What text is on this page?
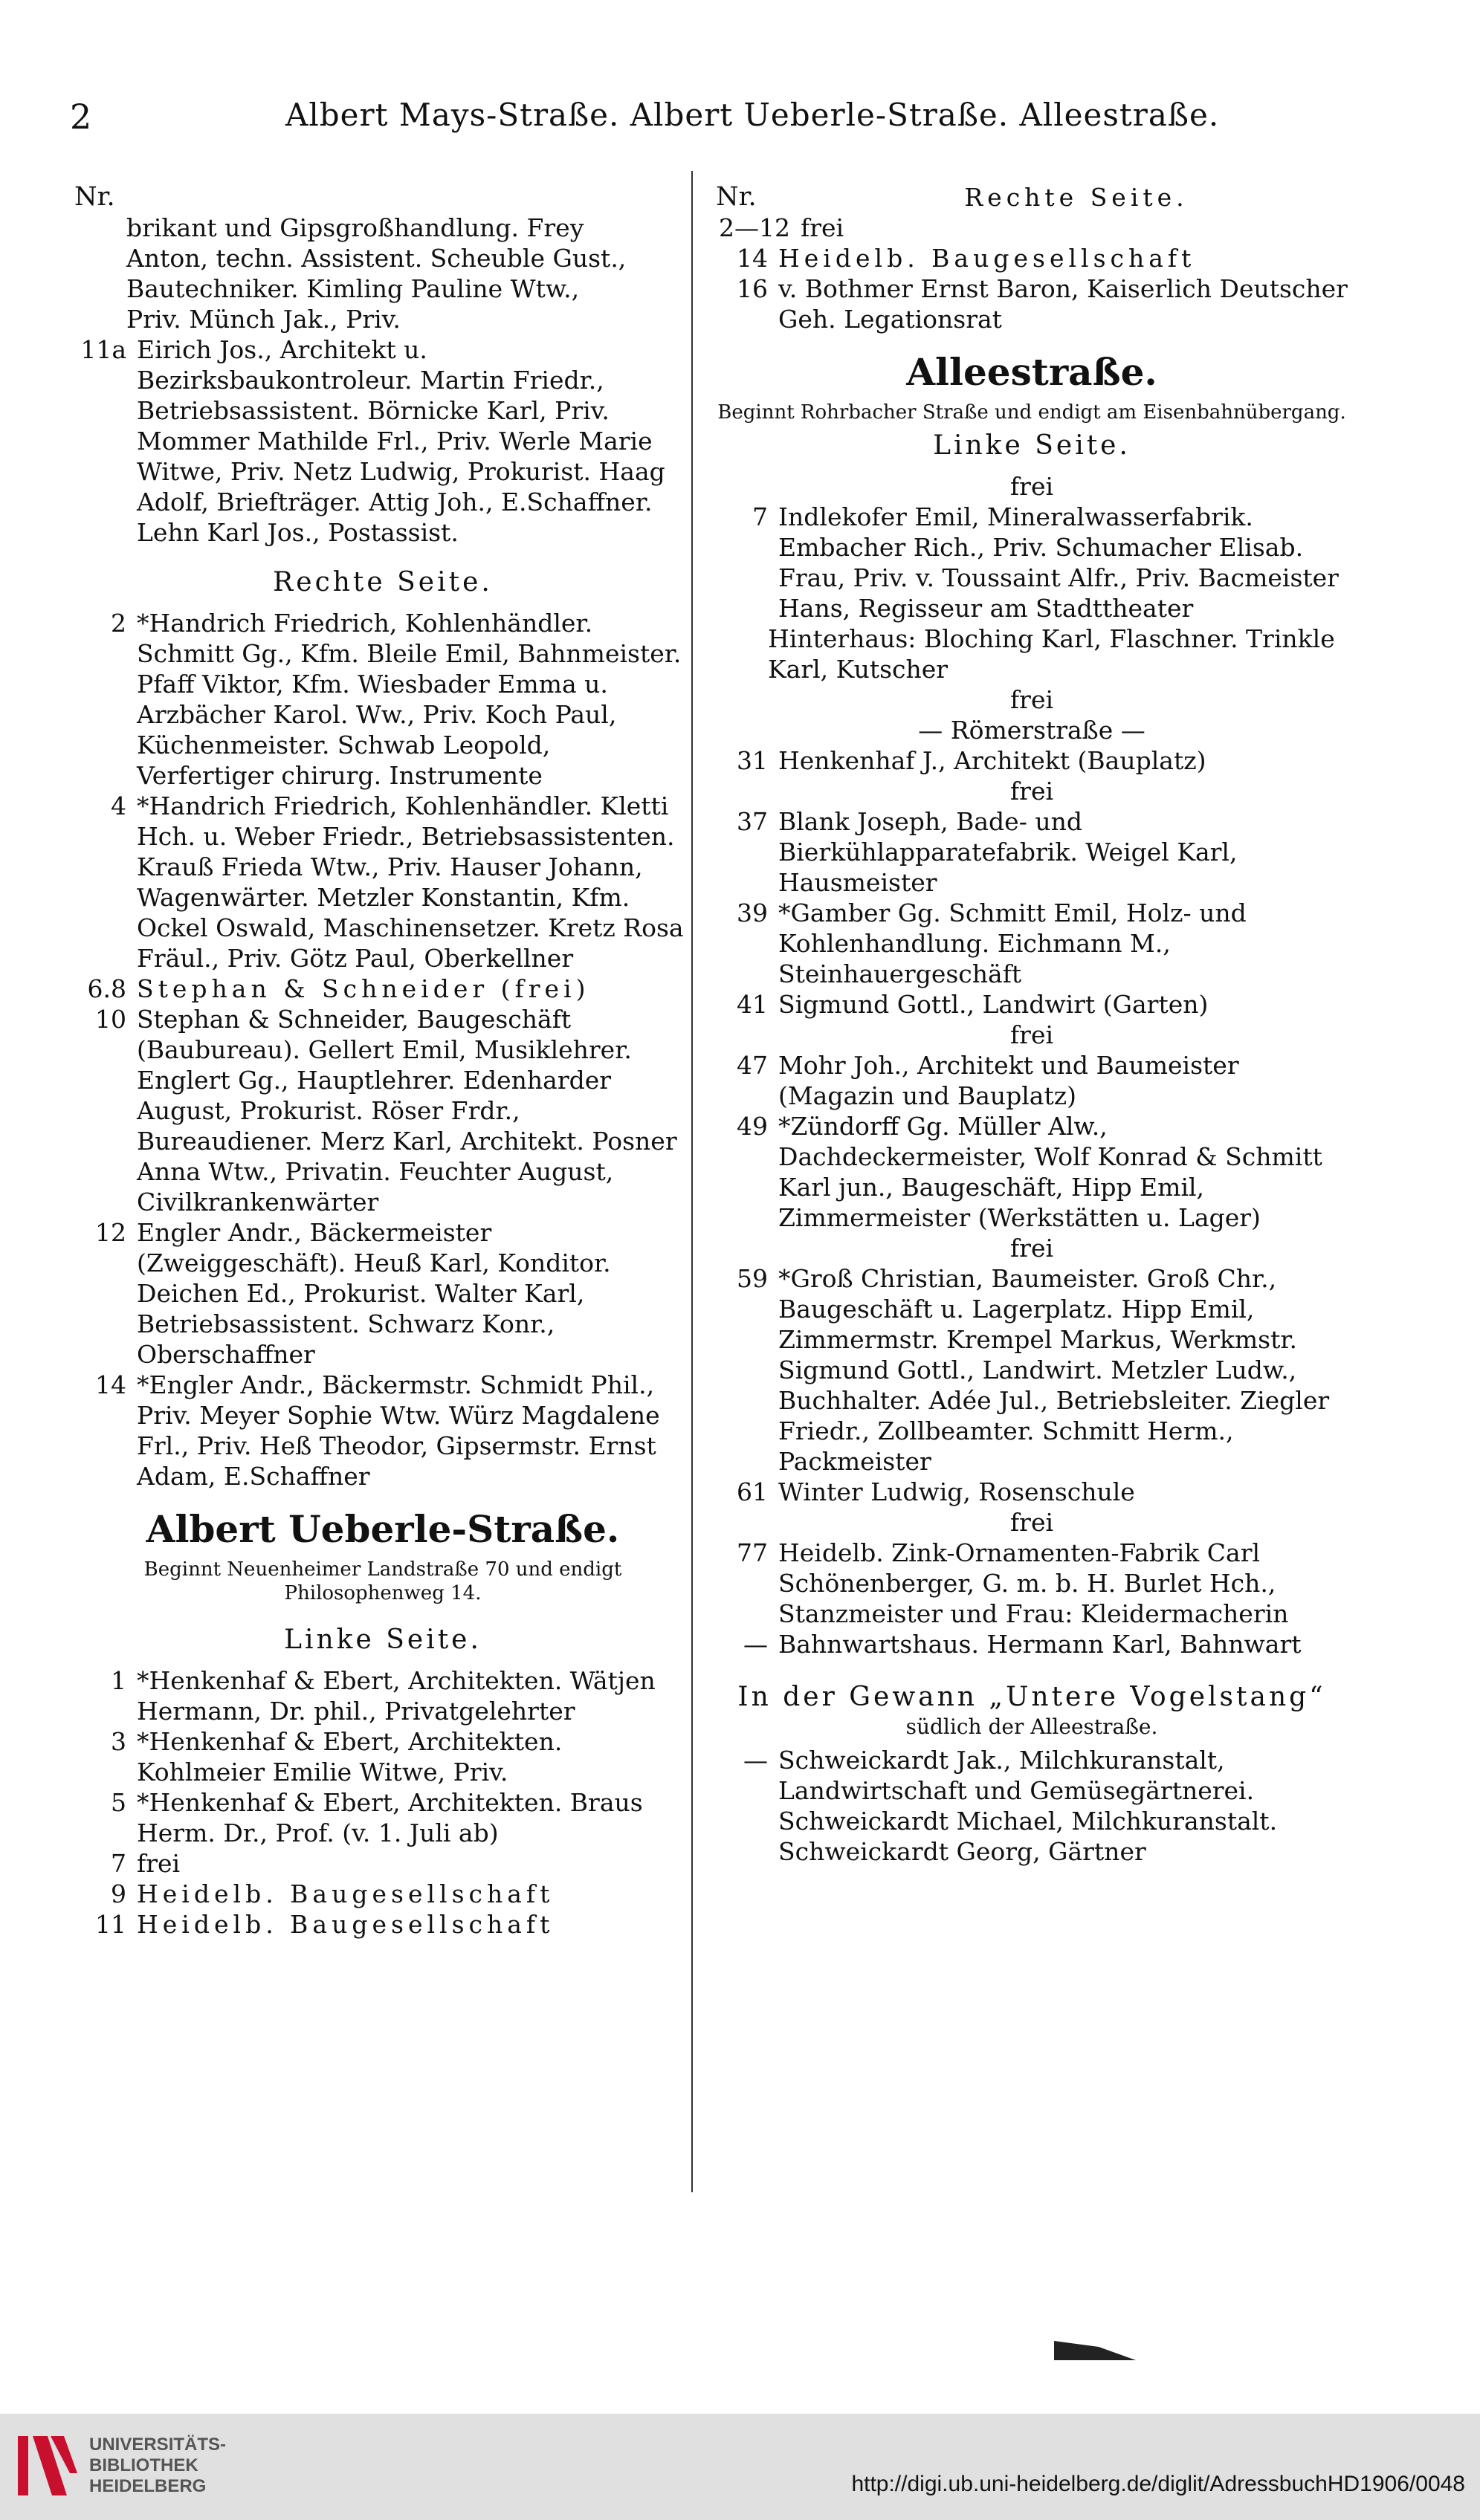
2	Albert Mays-Straße. Albert Ueberle-Straße. Alleestraße.
Nr.
brikant und Gipsgroßhandlung. Frey
Anton, techn. Assistent. Scheuble Gust.,
Bautechniker. Kimling Pauline Wtw.,
Priv. Münch Jak., Priv.
11a Eirich Jos., Architekt u. Bezirksbaukontroleur. Martin Friedr., Betriebsassistent. Börnicke Karl, Priv. Mommer Mathilde Frl., Priv. Werle Marie Witwe, Priv. Netz Ludwig, Prokurist. Haag Adolf, Briefträger. Attig Joh., E.Schaffner. Lehn Karl Jos., Postassist.
Rechte Seite.
2 *Handrich Friedrich, Kohlenhändler. Schmitt Gg., Kfm. Bleile Emil, Bahnmeister. Pfaff Viktor, Kfm. Wiesbader Emma u. Arzbächer Karol. Ww., Priv. Koch Paul, Küchenmeister. Schwab Leopold, Verfertiger chirurg. Instrumente
4 *Handrich Friedrich, Kohlenhändler. Kletti Hch. u. Weber Friedr., Betriebsassistenten. Krauß Frieda Wtw., Priv. Hauser Johann, Wagenwärter. Metzler Konstantin, Kfm. Ockel Oswald, Maschinensetzer. Kretz Rosa Fräul., Priv. Götz Paul, Oberkellner
6.8 Stephan & Schneider (frei)
10 Stephan & Schneider, Baugeschäft (Baubureau). Gellert Emil, Musiklehrer. Englert Gg., Hauptlehrer. Edenharder August, Prokurist. Röser Frdr., Bureaudiener. Merz Karl, Architekt. Posner Anna Wtw., Privatin. Feuchter August, Civilkrankenwärter
12 Engler Andr., Bäckermeister (Zweiggeschäft). Heuß Karl, Konditor. Deichen Ed., Prokurist. Walter Karl, Betriebsassistent. Schwarz Konr., Oberschaffner
14 *Engler Andr., Bäckermstr. Schmidt Phil., Priv. Meyer Sophie Wtw. Würz Magdalene Frl., Priv. Heß Theodor, Gipsermstr. Ernst Adam, E.Schaffner
Albert Ueberle-Straße.
Beginnt Neuenheimer Landstraße 70 und endigt Philosophenweg 14.
Linke Seite.
1 *Henkenhaf & Ebert, Architekten. Wätjen Hermann, Dr. phil., Privatgelehrter
3 *Henkenhaf & Ebert, Architekten. Kohlmeier Emilie Witwe, Priv.
5 *Henkenhaf & Ebert, Architekten. Braus Herm. Dr., Prof. (v. 1. Juli ab)
7 frei
9 Heidelb. Baugesellschaft
11 Heidelb. Baugesellschaft
Nr.	Rechte Seite.
2—12 frei
14 Heidelb. Baugesellschaft
16 v. Bothmer Ernst Baron, Kaiserlich Deutscher Geh. Legationsrat
Alleestraße.
Beginnt Rohrbacher Straße und endigt am Eisenbahnübergang.
Linke Seite.
frei
7 Indlekofer Emil, Mineralwasserfabrik. Embacher Rich., Priv. Schumacher Elisab. Frau, Priv. v. Toussaint Alfr., Priv. Bacmeister Hans, Regisseur am Stadttheater
Hinterhaus: Bloching Karl, Flaschner. Trinkle Karl, Kutscher
frei
— Römerstraße —
31 Henkenhaf J., Architekt (Bauplatz)
frei
37 Blank Joseph, Bade- und Bierkühlapparatefabrik. Weigel Karl, Hausmeister
39 *Gamber Gg. Schmitt Emil, Holz- und Kohlenhandlung. Eichmann M., Steinhauergeschäft
41 Sigmund Gottl., Landwirt (Garten)
frei
47 Mohr Joh., Architekt und Baumeister (Magazin und Bauplatz)
49 *Zündorff Gg. Müller Alw., Dachdeckermeister, Wolf Konrad & Schmitt Karl jun., Baugeschäft, Hipp Emil, Zimmermeister (Werkstätten u. Lager)
frei
59 *Groß Christian, Baumeister. Groß Chr., Baugeschäft u. Lagerplatz. Hipp Emil, Zimmermstr. Krempel Markus, Werkmstr. Sigmund Gottl., Landwirt. Metzler Ludw., Buchhalter. Adée Jul., Betriebsleiter. Ziegler Friedr., Zollbeamter. Schmitt Herm., Packmeister
61 Winter Ludwig, Rosenschule
frei
77 Heidelb. Zink-Ornamenten-Fabrik Carl Schönenberger, G. m. b. H. Burlet Hch., Stanzmeister und Frau: Kleidermacherin
— Bahnwartshaus. Hermann Karl, Bahnwart
In der Gewann „Untere Vogelstang“
südlich der Alleestraße.
— Schweickardt Jak., Milchkuranstalt, Landwirtschaft und Gemüsegärtnerei. Schweickardt Michael, Milchkuranstalt. Schweickardt Georg, Gärtner
UNIVERSITÄTS-
BIBLIOTHEK
HEIDELBERG	http://digi.ub.uni-heidelberg.de/diglit/AdressbuchHD1906/0048
